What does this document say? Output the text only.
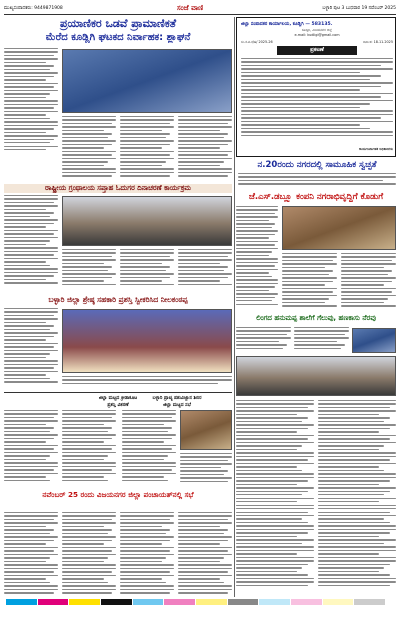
ಮುಖ್ಯಸಂಪಾದಕರು: 9449871908	ಸಂಜೆ ವಾಣಿ	ಬಳ್ಳಾರಿ ಪುಟ 3 ಬುಧವಾರ 19 ನವೆಂಬರ್ 2025
ಪ್ರಯಾಣಿಕರ ಒಡವೆ ಪ್ರಾಮಾಣಿಕತೆ
ಮೆರೆದ ಕೂಡ್ಲಿಗಿ ಘಟಕದ ನಿರ್ವಾಹಕ: ಶ್ಲಾಘನೆ
ಜಿಲ್ಲಾ ಸಂಪಾದಕರ ಕಾರ್ಯಾಲಯ, ಕೂಡ್ಲಿಗಿ — 583135.
ಕೂಡ್ಲಿಗಿ, ವಿಜಯನಗರ ಜಿಲ್ಲೆ
e-mail: kudligi@gmail.com
ಸಂ.ಕ.ವ.ಕ/ಹ/ 2025-26	ದಿನಾಂಕ: 18.11.2025
ಪ್ರಕಟಣೆ
ಕಾರ್ಯನಿರ್ವಾಹಕ ಅಧಿಕಾರಿಗಳು
ನ.20ರಂದು ನಗರದಲ್ಲಿ ಸಾಮೂಹಿಕ ಸ್ವಚ್ಛತೆ
ರಾಷ್ಟ್ರೀಯ ಗ್ರಂಥಾಲಯ ಸಪ್ತಾಹ ಓದುಗರ ದಿನಾಚರಣೆ ಕಾರ್ಯಕ್ರಮ
ಜೆ.ಎಸ್.ಡಬ್ಲ್ಯೂ ಕಂಪನಿ ನಗರಾಭಿವೃದ್ಧಿಗೆ ಕೊಡುಗೆ
ಬಳ್ಳಾರಿ ಜಿಲ್ಲಾ ಶ್ರೇಷ್ಠ ಸಹಕಾರಿ ಪ್ರಶಸ್ತಿ ಸ್ವೀಕರಿಸಿದ ನೀಲಕಂಠಪ್ಪ
ಲಿಂಗದ ಹನುಮಪ್ಪ ಶಾಲೆಗೆ ಗೆಲುವು, ಹಣಕಾಸು ನೆರವು
ಜಿಲ್ಲಾ ಮಟ್ಟದ ಕ್ರೀಡಾಕೂಟ
ಪ್ರಶಸ್ತಿ ವಿತರಣೆ
ಬಳ್ಳಾರಿ ಪ್ರಾಚ್ಯ ಪಶುವಿಜ್ಞಾನ ಶಿಬಿರ
ಜಿಲ್ಲಾ ಮಟ್ಟದ ಸಭೆ
ನವೆಂಬರ್ 25 ರಂದು ವಿಜಯನಗರ ಜಿಲ್ಲಾ ಪಂಚಾಯತ್‌ನಲ್ಲಿ ಸಭೆ
